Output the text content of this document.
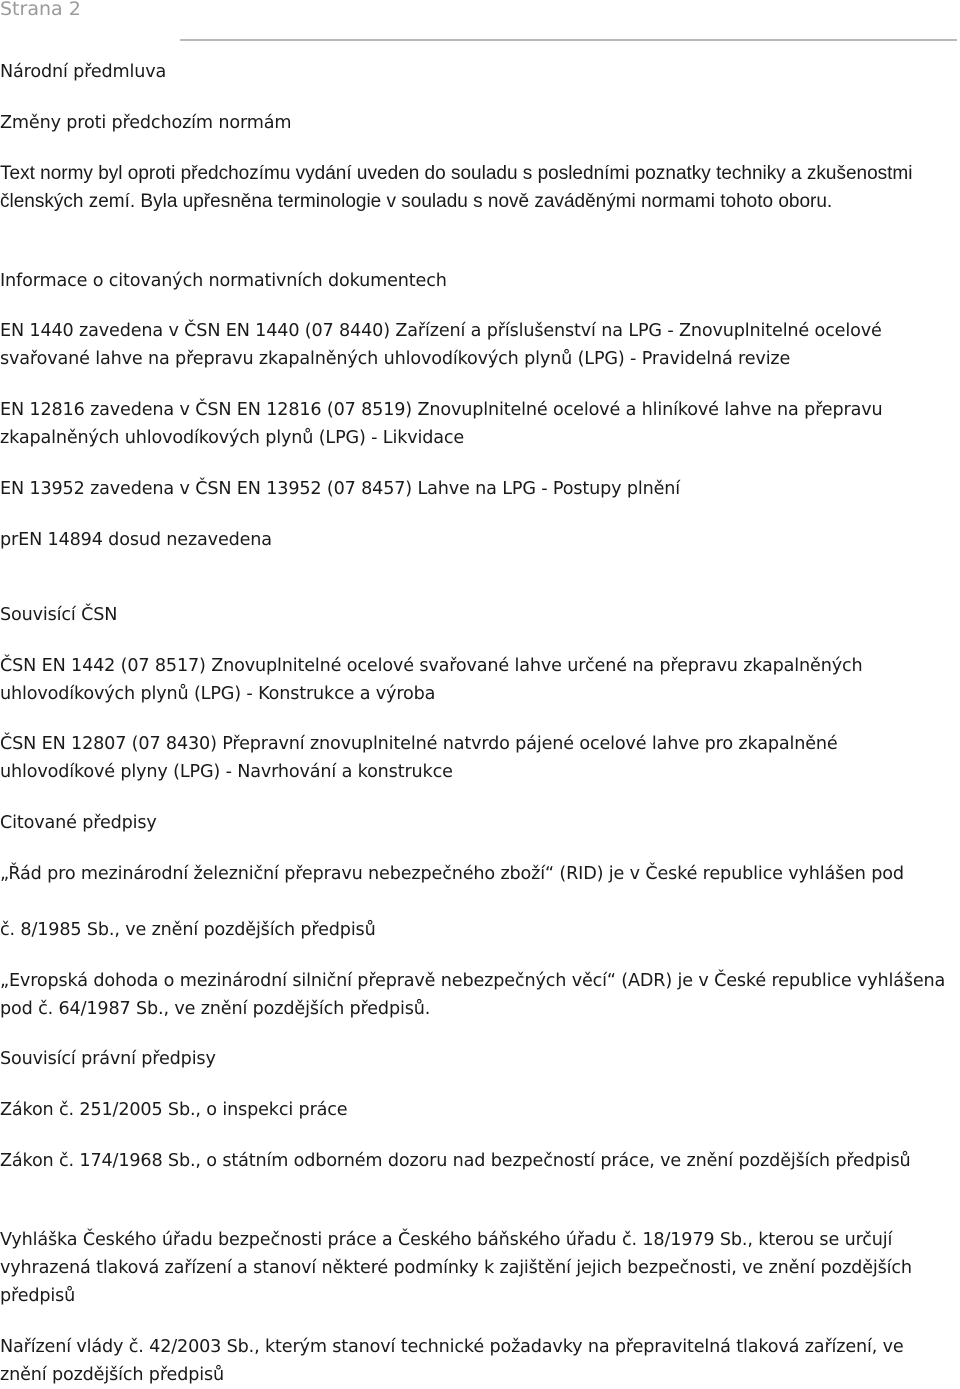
Strana 2

Národní předmluva

Změny proti předchozím normám

Text normy byl oproti předchozímu vydání uveden do souladu s posledními poznatky techniky a zkušenostmi členských zemí. Byla upřesněna terminologie v souladu s nově zaváděnými normami tohoto oboru.

Informace o citovaných normativních dokumentech

EN 1440 zavedena v ČSN EN 1440 (07 8440) Zařízení a příslušenství na LPG - Znovuplnitelné ocelové svařované lahve na přepravu zkapalněných uhlovodíkových plynů (LPG) - Pravidelná revize

EN 12816 zavedena v ČSN EN 12816 (07 8519) Znovuplnitelné ocelové a hliníkové lahve na přepravu zkapalněných uhlovodíkových plynů (LPG) - Likvidace

EN 13952 zavedena v ČSN EN 13952 (07 8457) Lahve na LPG - Postupy plnění

prEN 14894 dosud nezavedena

Souvisící ČSN

ČSN EN 1442 (07 8517) Znovuplnitelné ocelové svařované lahve určené na přepravu zkapalněných uhlovodíkových plynů (LPG) - Konstrukce a výroba

ČSN EN 12807 (07 8430) Přepravní znovuplnitelné natvrdo pájené ocelové lahve pro zkapalněné uhlovodíkové plyny (LPG) - Navrhování a konstrukce

Citované předpisy

„Řád pro mezinárodní železniční přepravu nebezpečného zboží“ (RID) je v České republice vyhlášen pod

č. 8/1985 Sb., ve znění pozdějších předpisů

„Evropská dohoda o mezinárodní silniční přepravě nebezpečných věcí“ (ADR) je v České republice vyhlášena pod č. 64/1987 Sb., ve znění pozdějších předpisů.

Souvisící právní předpisy

Zákon č. 251/2005 Sb., o inspekci práce

Zákon č. 174/1968 Sb., o státním odborném dozoru nad bezpečností práce, ve znění pozdějších předpisů

Vyhláška Českého úřadu bezpečnosti práce a Českého báňského úřadu č. 18/1979 Sb., kterou se určují vyhrazená tlaková zařízení a stanoví některé podmínky k zajištění jejich bezpečnosti, ve znění pozdějších předpisů

Nařízení vlády č. 42/2003 Sb., kterým stanoví technické požadavky na přepravitelná tlaková zařízení, ve znění pozdějších předpisů
